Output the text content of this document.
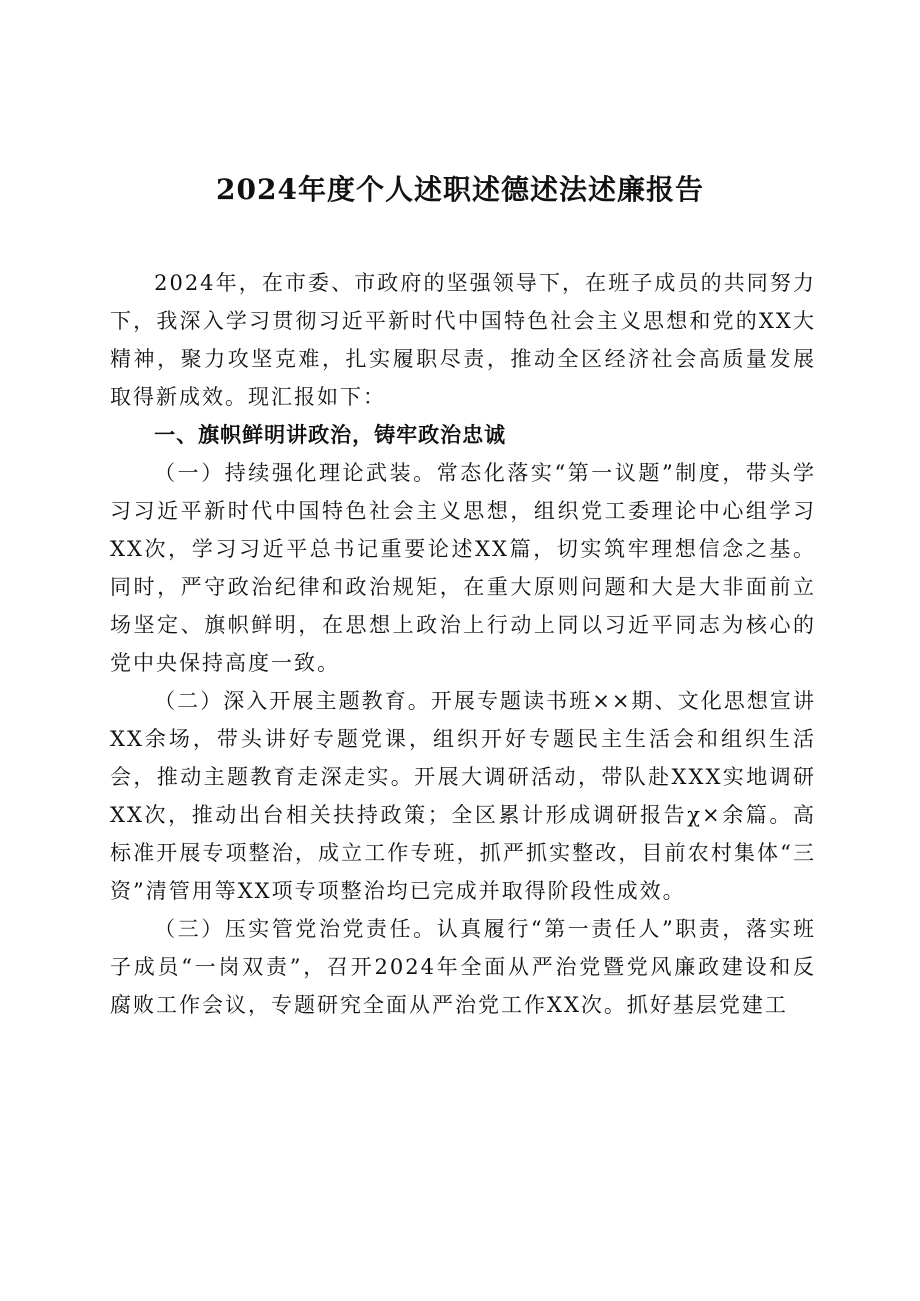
2024年度个人述职述德述法述廉报告

2024年，在市委、市政府的坚强领导下，在班子成员的共同努力下，我深入学习贯彻习近平新时代中国特色社会主义思想和党的XX大精神，聚力攻坚克难，扎实履职尽责，推动全区经济社会高质量发展取得新成效。现汇报如下：

一、旗帜鲜明讲政治，铸牢政治忠诚

（一）持续强化理论武装。常态化落实“第一议题”制度，带头学习习近平新时代中国特色社会主义思想，组织党工委理论中心组学习XX次，学习习近平总书记重要论述XX篇，切实筑牢理想信念之基。同时，严守政治纪律和政治规矩，在重大原则问题和大是大非面前立场坚定、旗帜鲜明，在思想上政治上行动上同以习近平同志为核心的党中央保持高度一致。

（二）深入开展主题教育。开展专题读书班××期、文化思想宣讲XX余场，带头讲好专题党课，组织开好专题民主生活会和组织生活会，推动主题教育走深走实。开展大调研活动，带队赴XXX实地调研XX次，推动出台相关扶持政策；全区累计形成调研报告χ×余篇。高标准开展专项整治，成立工作专班，抓严抓实整改，目前农村集体“三资”清管用等XX项专项整治均已完成并取得阶段性成效。

（三）压实管党治党责任。认真履行“第一责任人”职责，落实班子成员“一岗双责”，召开2024年全面从严治党暨党风廉政建设和反腐败工作会议，专题研究全面从严治党工作XX次。抓好基层党建工
